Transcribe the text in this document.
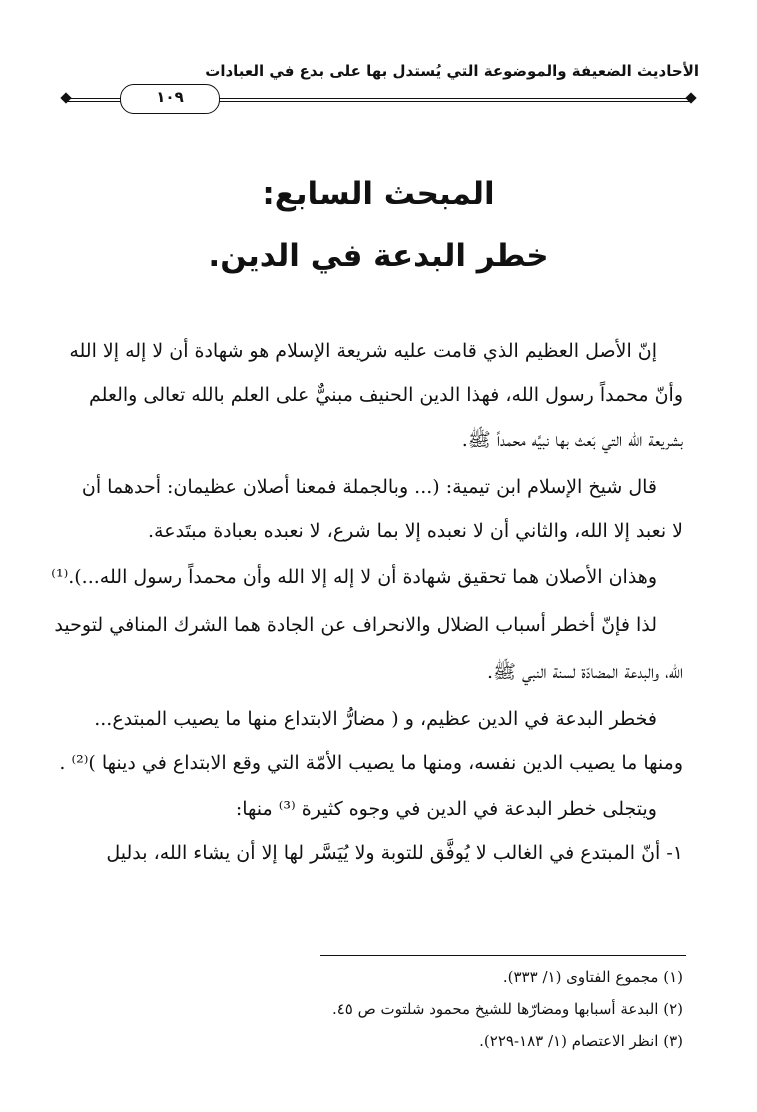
الأحاديث الضعيفة والموضوعة التي يُستدل بها على بدع في العبادات
١٠٩
المبحث السابع:
خطر البدعة في الدين.
إنّ الأصل العظيم الذي قامت عليه شريعة الإسلام هو شهادة أن لا إله إلا الله
وأنّ محمداً رسول الله، فهذا الدين الحنيف مبنيٌّ على العلم بالله تعالى والعلم
بشريعة الله التي بَعث بها نبيَّه محمداً ﷺ.
قال شيخ الإسلام ابن تيمية: (... وبالجملة فمعنا أصلان عظيمان: أحدهما أن
لا نعبد إلا الله، والثاني أن لا نعبده إلا بما شرع، لا نعبده بعبادة مبتَدعة.
وهذان الأصلان هما تحقيق شهادة أن لا إله إلا الله وأن محمداً رسول الله...).⁽¹⁾
لذا فإنّ أخطر أسباب الضلال والانحراف عن الجادة هما الشرك المنافي لتوحيد
الله، والبدعة المضادّة لسنة النبي ﷺ.
فخطر البدعة في الدين عظيم، و ( مضارُّ الابتداع منها ما يصيب المبتدع...
ومنها ما يصيب الدين نفسه، ومنها ما يصيب الأمّة التي وقع الابتداع في دينها )⁽²⁾ .
ويتجلى خطر البدعة في الدين في وجوه كثيرة ⁽³⁾ منها:
١- أنّ المبتدع في الغالب لا يُوفَّق للتوبة ولا يُيَسَّر لها إلا أن يشاء الله، بدليل
(١) مجموع الفتاوى (١/ ٣٣٣).
(٢) البدعة أسبابها ومضارّها للشيخ محمود شلتوت ص ٤٥.
(٣) انظر الاعتصام (١/ ١٨٣-٢٢٩).
